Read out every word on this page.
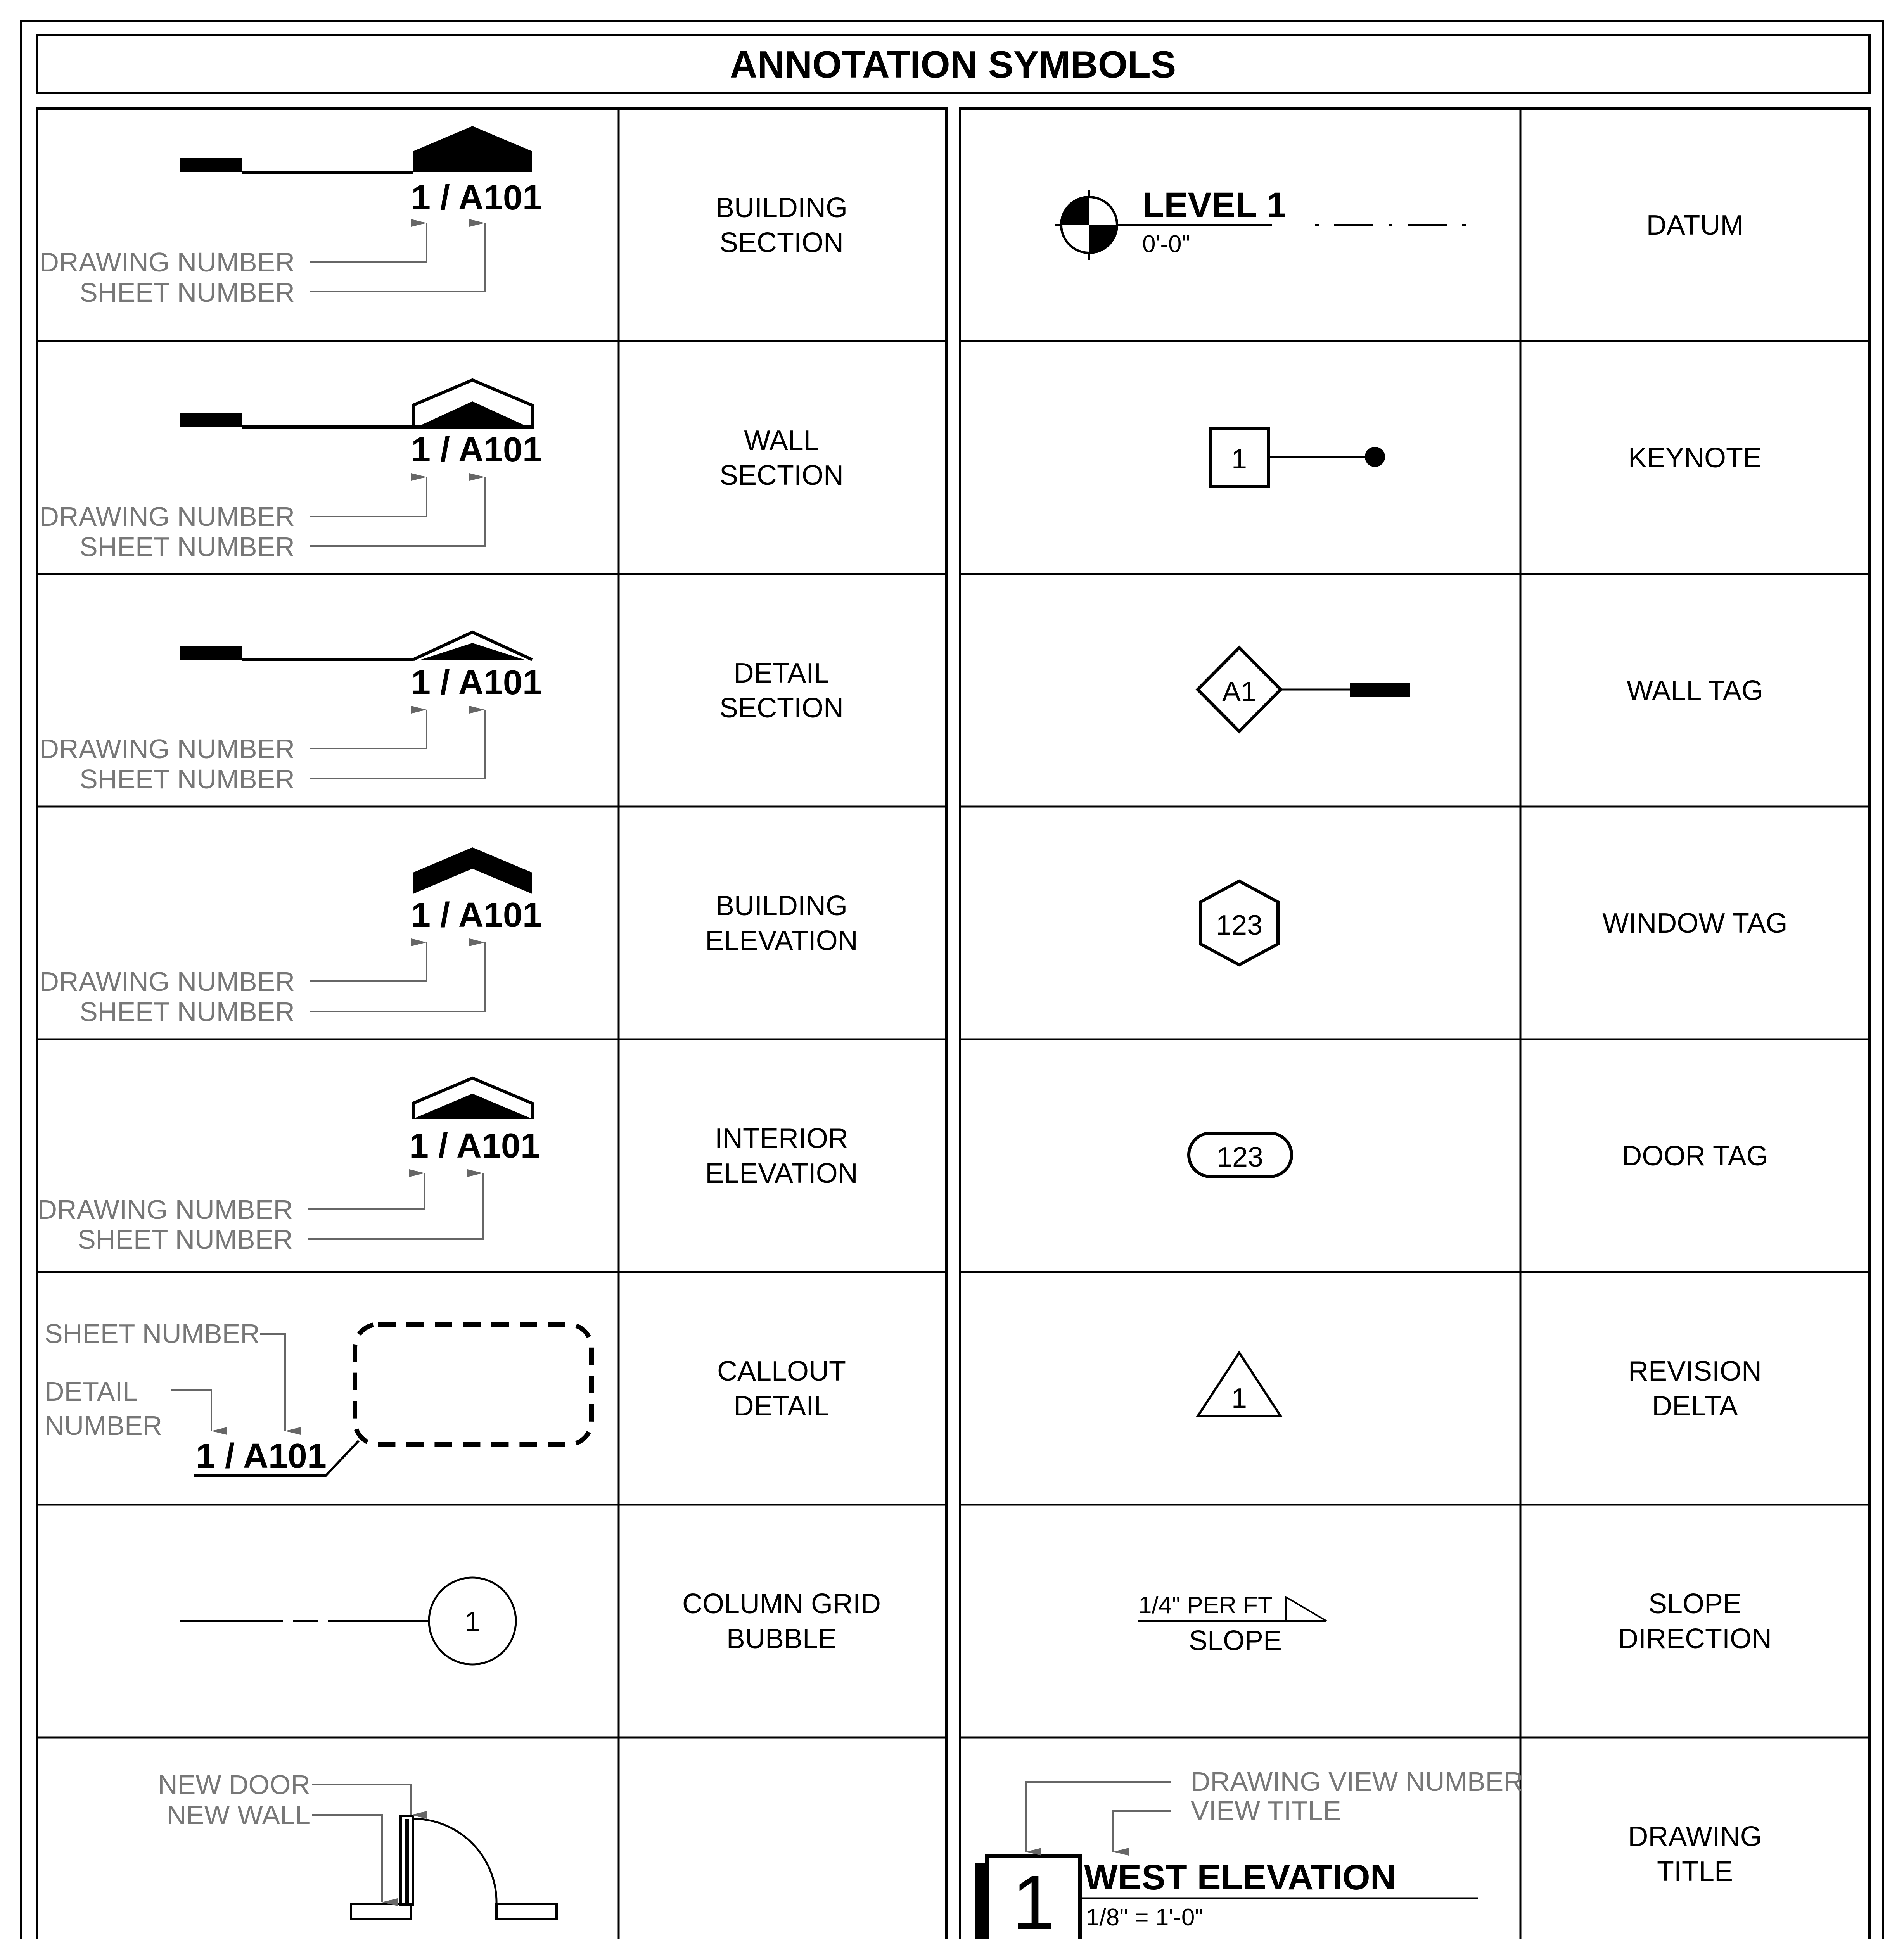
ANNOTATION SYMBOLS
BUILDING
SECTION
WALL
SECTION
DETAIL
SECTION
BUILDING
ELEVATION
INTERIOR
ELEVATION
CALLOUT
DETAIL
COLUMN GRID
BUBBLE
DATUM
KEYNOTE
WALL TAG
WINDOW TAG
DOOR TAG
REVISION
DELTA
SLOPE
DIRECTION
DRAWING
TITLE
1 / A101
DRAWING NUMBER
SHEET NUMBER
1 / A101
DRAWING NUMBER
SHEET NUMBER
1 / A101
DRAWING NUMBER
SHEET NUMBER
1 / A101
DRAWING NUMBER
SHEET NUMBER
1 / A101
DRAWING NUMBER
SHEET NUMBER
1 / A101
SHEET NUMBER
DETAIL
NUMBER
1
NEW DOOR
NEW WALL
LEVEL 1
0'-0"
1
A1
123
123
1
1/4" PER FT
SLOPE
1 WEST ELEVATION
1/8" = 1'-0"
DRAWING VIEW NUMBER
VIEW TITLE
